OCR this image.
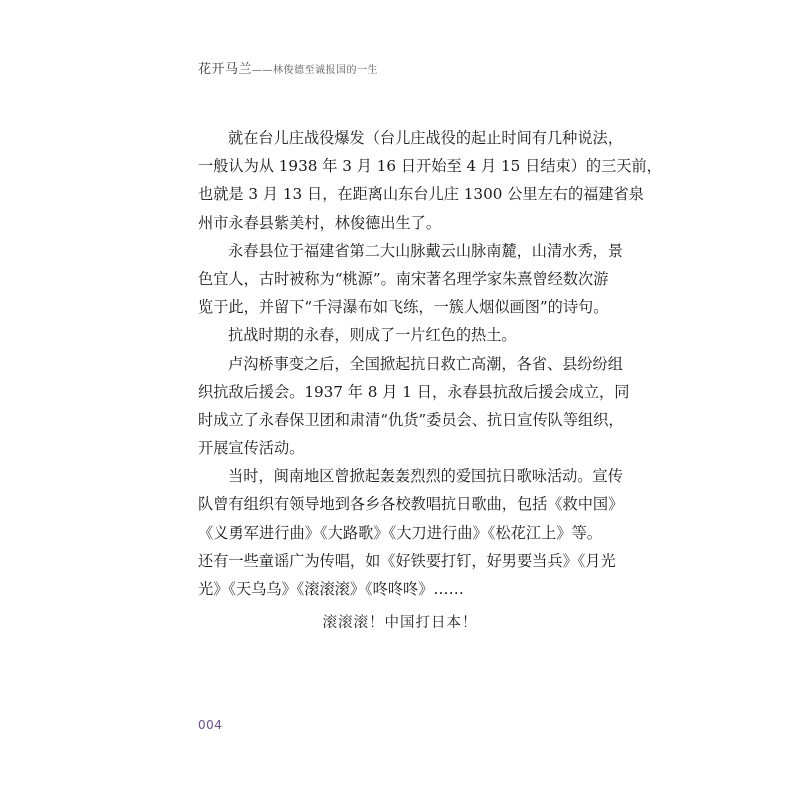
花开马兰——林俊德至诚报国的一生
就在台儿庄战役爆发（台儿庄战役的起止时间有几种说法，
一般认为从 1938 年 3 月 16 日开始至 4 月 15 日结束）的三天前，
也就是 3 月 13 日，在距离山东台儿庄 1300 公里左右的福建省泉
州市永春县紫美村，林俊德出生了。
永春县位于福建省第二大山脉戴云山脉南麓，山清水秀，景
色宜人，古时被称为“桃源”。南宋著名理学家朱熹曾经数次游
览于此，并留下“千浔瀑布如飞练，一簇人烟似画图”的诗句。
抗战时期的永春，则成了一片红色的热土。
卢沟桥事变之后，全国掀起抗日救亡高潮，各省、县纷纷组
织抗敌后援会。1937 年 8 月 1 日，永春县抗敌后援会成立，同
时成立了永春保卫团和肃清“仇货”委员会、抗日宣传队等组织，
开展宣传活动。
当时，闽南地区曾掀起轰轰烈烈的爱国抗日歌咏活动。宣传
队曾有组织有领导地到各乡各校教唱抗日歌曲，包括《救中国》
《义勇军进行曲》《大路歌》《大刀进行曲》《松花江上》等。
还有一些童谣广为传唱，如《好铁要打钉，好男要当兵》《月光
光》《天乌乌》《滚滚滚》《咚咚咚》……
滚滚滚！中国打日本！
004
